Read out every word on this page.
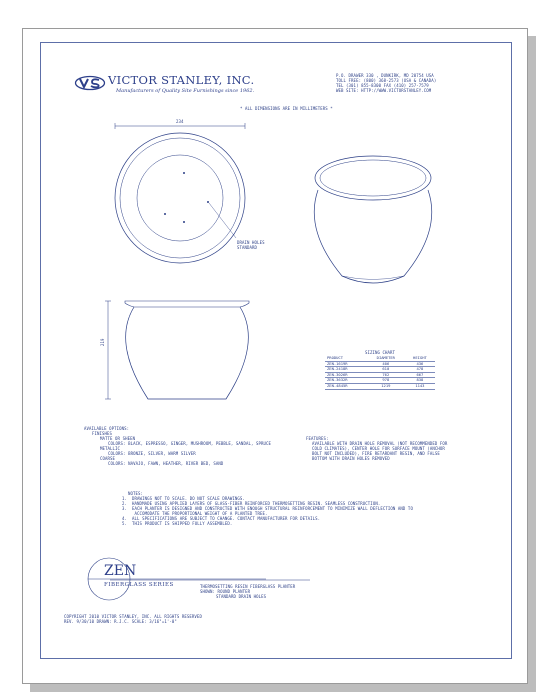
VICTOR STANLEY, INC.
Manufacturers of Quality Site Furnishings since 1962.
P.O. DRAWER 330 , DUNKIRK, MD 20754 USA
TOLL FREE: (800) 368-2573 (USA & CANADA)
TEL (301) 855-8300 FAX (410) 257-7579
WEB SITE: HTTP://WWW.VICTORSTANLEY.COM
* ALL DIMENSIONS ARE IN MILLIMETERS *
234
DRAIN HOLES
STANDARD
219
SIZING CHART
PRODUCT	DIAMETER	HEIGHT
ZEN-1619R	406	436
ZEN-2418R	610	478
ZEN-3026R	762	667
ZEN-3632R	978	838
ZEN-4845R	1219	1143
AVAILABLE OPTIONS:
FINISHES
MATTE OR SHEEN
COLORS: BLACK, ESPRESSO, GINGER, MUSHROOM, PEBBLE, SANDAL, SPRUCE
METALLIC
COLORS: BRONZE, SILVER, WARM SILVER
COARSE
COLORS: NAVAJO, FAWN, HEATHER, RIVER BED, SAND
FEATURES:
AVAILABLE WITH DRAIN HOLE REMOVAL (NOT RECOMMENDED FOR
COLD CLIMATES), CENTER HOLE FOR SURFACE MOUNT (ANCHOR
BOLT NOT INCLUDED), FIRE RETARDANT RESIN, AND FALSE
BOTTOM WITH DRAIN HOLES REMOVED
NOTES:
1.  DRAWINGS NOT TO SCALE. DO NOT SCALE DRAWINGS.
2.  HANDMADE USING APPLIED LAYERS OF GLASS-FIBER REINFORCED THERMOSETTING RESIN. SEAMLESS CONSTRUCTION.
3.  EACH PLANTER IS DESIGNED AND CONSTRUCTED WITH ENOUGH STRUCTURAL REINFORCEMENT TO MINIMIZE WALL DEFLECTION AND TO
ACCOMODATE THE PROPORTIONAL WEIGHT OF A PLANTED TREE.
4.  ALL SPECIFICATIONS ARE SUBJECT TO CHANGE. CONTACT MANUFACTURER FOR DETAILS.
5.  THIS PRODUCT IS SHIPPED FULLY ASSEMBLED.
ZEN
FIBERGLASS SERIES	THERMOSETTING RESIN FIBERGLASS PLANTER
SHOWN: ROUND PLANTER
STANDARD DRAIN HOLES
COPYRIGHT 2010 VICTOR STANLEY, INC. ALL RIGHTS RESERVED
REV. 9/30/10 DRAWN: R.J.C. SCALE: 3/16"=1'-0"
